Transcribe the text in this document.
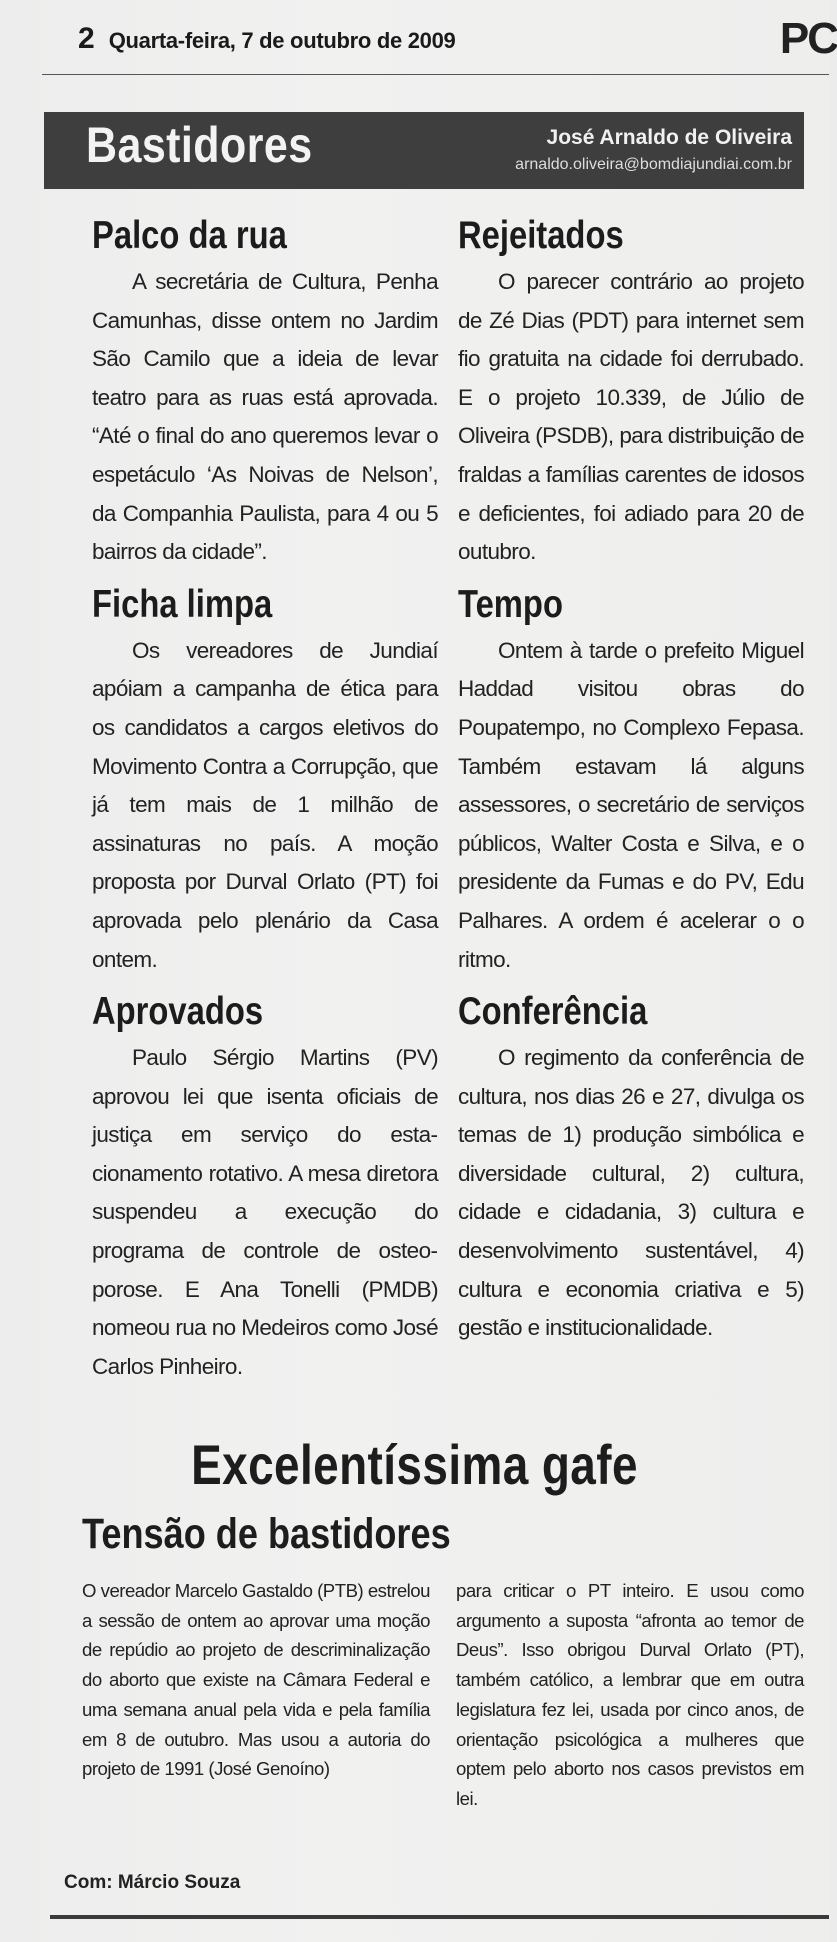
2 Quarta-feira, 7 de outubro de 2009	PC
Bastidores	José Arnaldo de Oliveira
arnaldo.oliveira@bomdiajundiai.com.br
Palco da rua

A secretária de Cultura, Penha Camunhas, disse ontem no Jardim São Camilo que a ideia de levar teatro para as ruas está aprovada. “Até o final do ano queremos levar o espetáculo ‘As Noivas de Nelson’, da Companhia Paulista, para 4 ou 5 bairros da cidade”.

Ficha limpa

Os vereadores de Jundiaí apóiam a campanha de ética para os candidatos a cargos eletivos do Movimento Contra a Corrupção, que já tem mais de 1 milhão de assinaturas no país. A moção proposta por Durval Orlato (PT) foi aprovada pelo plenário da Casa ontem.

Aprovados

Paulo Sérgio Martins (PV) aprovou lei que isenta oficiais de justiça em serviço do estacionamento rotativo. A mesa diretora suspendeu a execução do programa de controle de osteoporose. E Ana Tonelli (PMDB) nomeou rua no Medeiros como José Carlos Pinheiro.

Rejeitados

O parecer contrário ao projeto de Zé Dias (PDT) para internet sem fio gratuita na cidade foi derrubado. E o projeto 10.339, de Júlio de Oliveira (PSDB), para distribuição de fraldas a famílias carentes de idosos e deficientes, foi adiado para 20 de outubro.

Tempo

Ontem à tarde o prefeito Miguel Haddad visitou obras do Poupatempo, no Complexo Fepasa. Também estavam lá alguns assessores, o secretário de serviços públicos, Walter Costa e Silva, e o presidente da Fumas e do PV, Edu Palhares. A ordem é acelerar o o ritmo.

Conferência

O regimento da conferência de cultura, nos dias 26 e 27, divulga os temas de 1) produção simbólica e diversidade cultural, 2) cultura, cidade e cidadania, 3) cultura e desenvolvimento sustentável, 4) cultura e economia criativa e 5) gestão e institucionalidade.

Excelentíssima gafe
Tensão de bastidores

O vereador Marcelo Gastaldo (PTB) estrelou a sessão de ontem ao aprovar uma moção de repúdio ao projeto de descriminalização do aborto que existe na Câmara Federal e uma semana anual pela vida e pela família em 8 de outubro. Mas usou a autoria do projeto de 1991 (José Genoíno)

para criticar o PT inteiro. E usou como argumento a suposta “afronta ao temor de Deus”. Isso obrigou Durval Orlato (PT), também católico, a lembrar que em outra legislatura fez lei, usada por cinco anos, de orientação psicológica a mulheres que optem pelo aborto nos casos previstos em lei.

Com: Márcio Souza
